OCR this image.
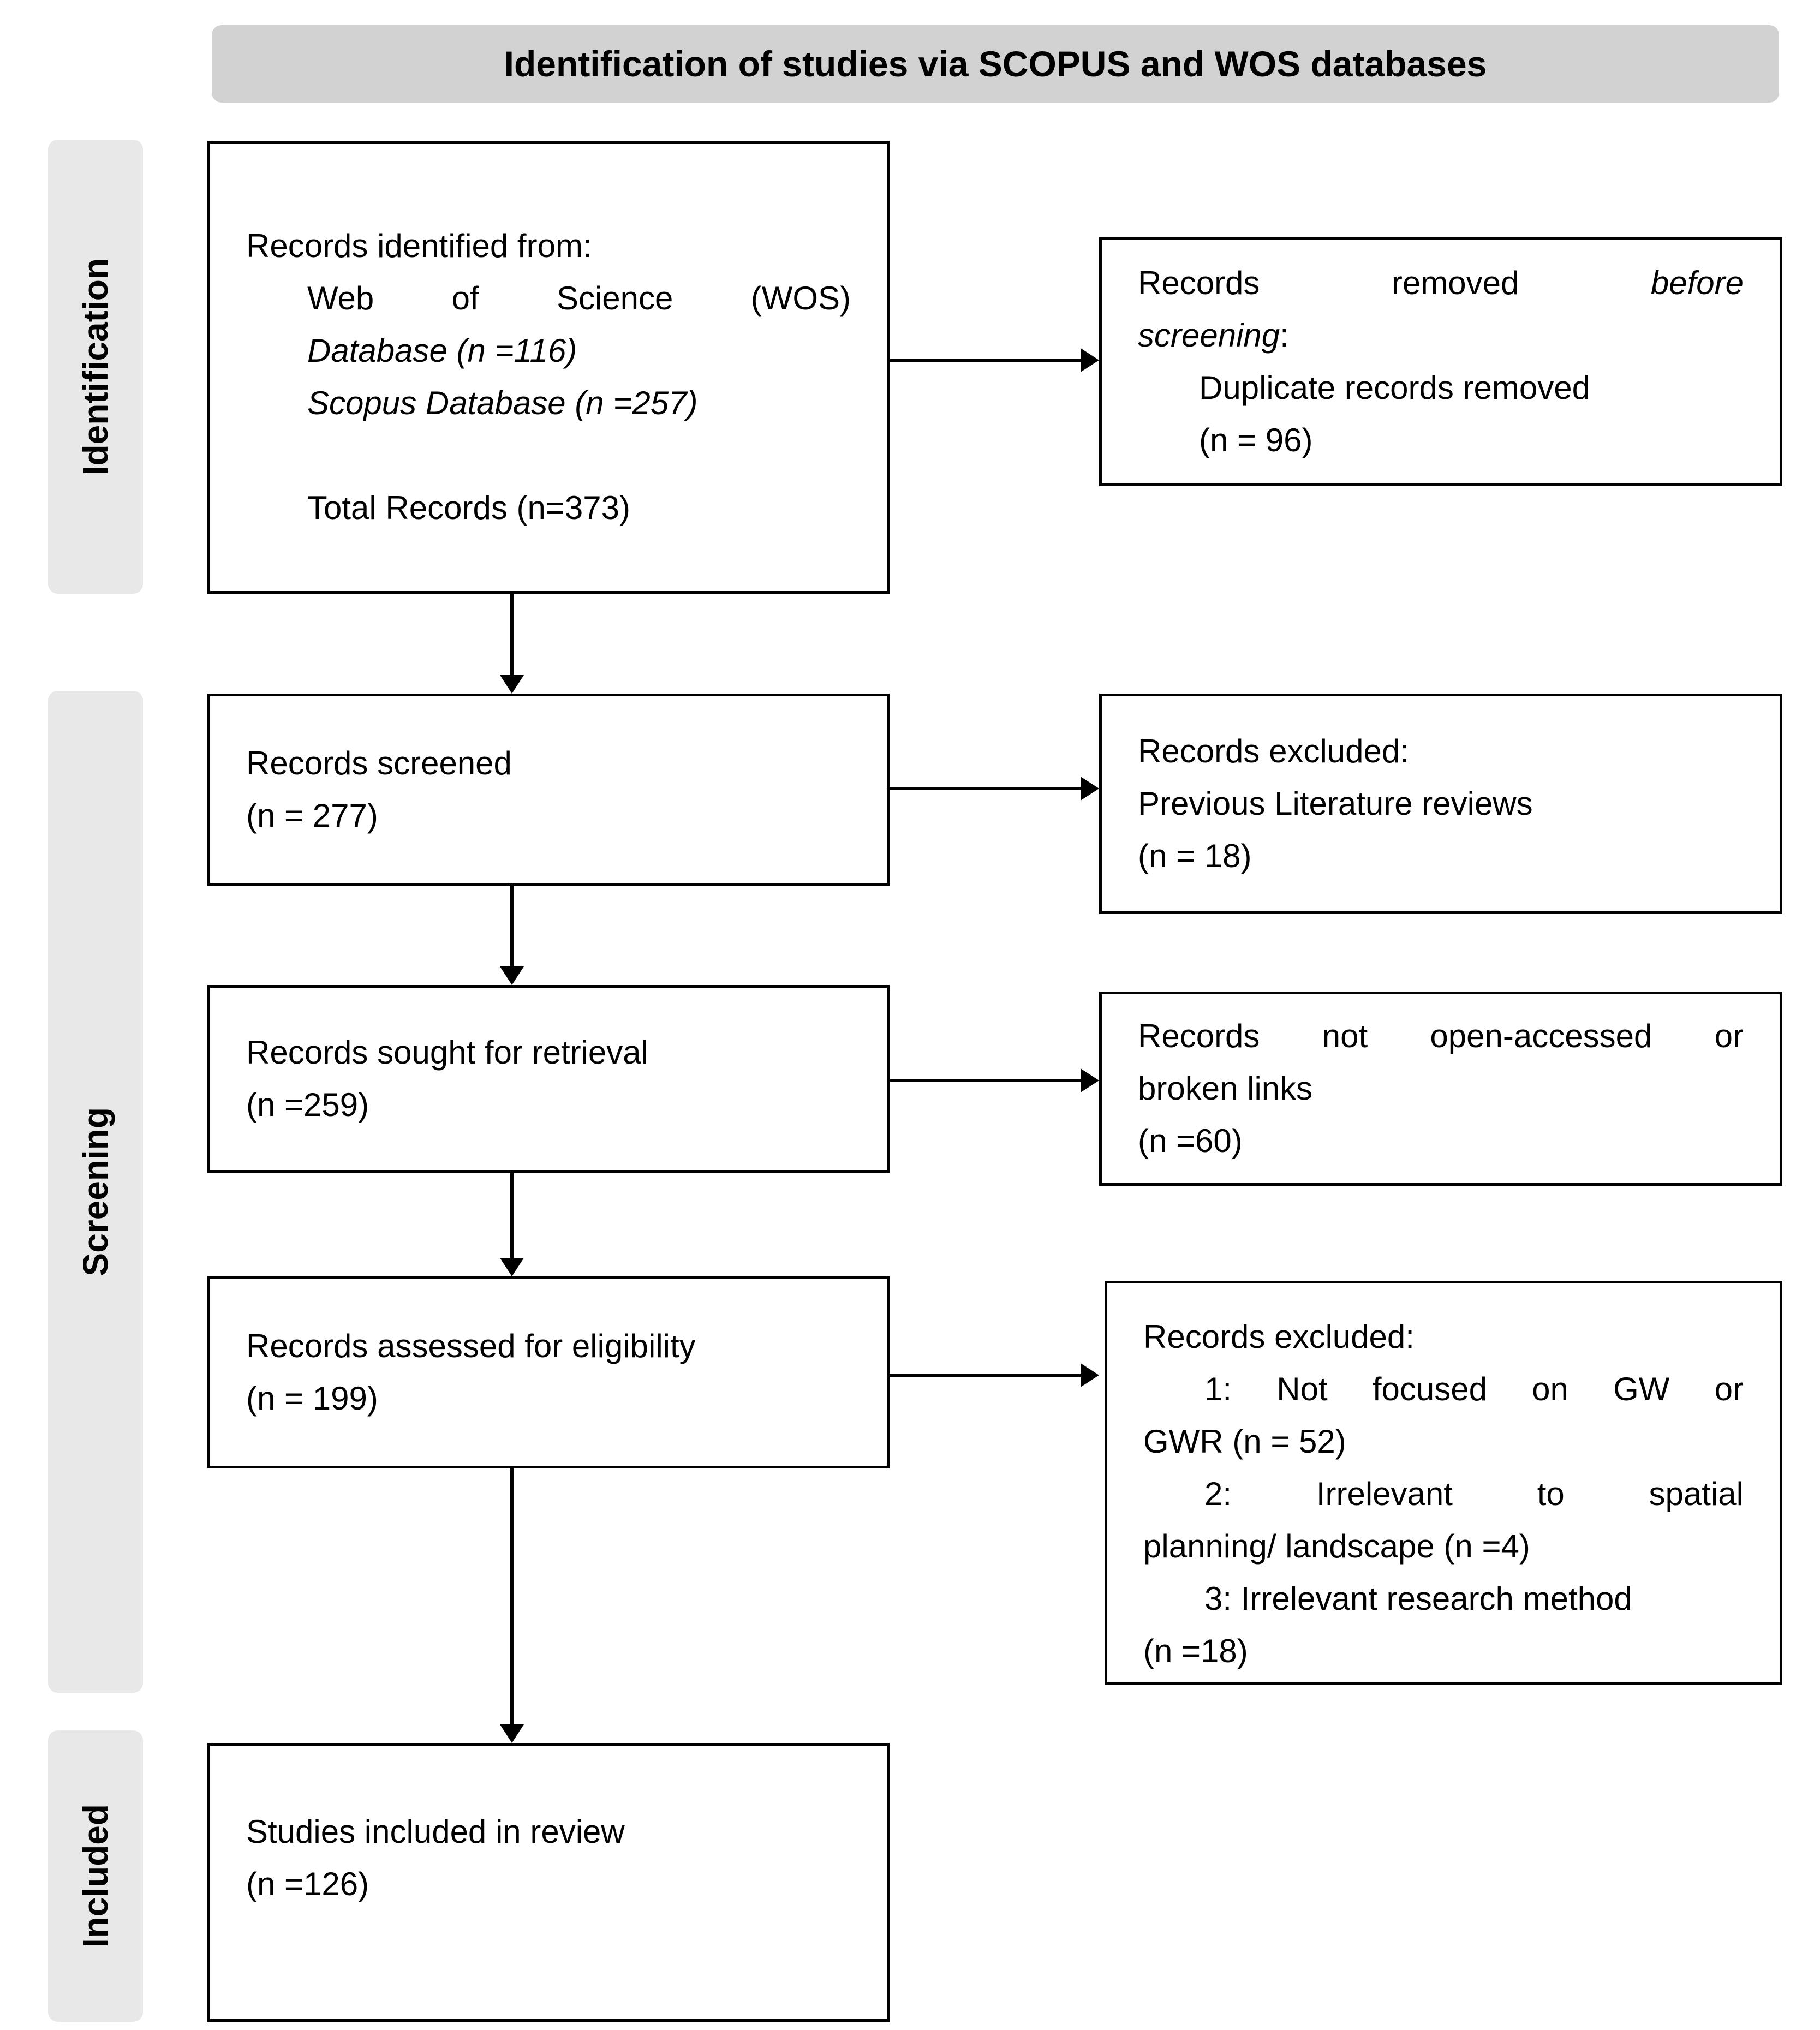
Identification of studies via SCOPUS and WOS databases
Identification
Screening
Included
Records identified from:
Web of Science (WOS)
Database (n =116)
Scopus Database (n =257)
Total Records (n=373)
Records removed	before
screening:
Duplicate records removed
(n = 96)
Records screened
(n = 277)
Records excluded:
Previous Literature reviews
(n = 18)
Records sought for retrieval
(n =259)
Records not open-accessed or
broken links
(n =60)
Records assessed for eligibility
(n = 199)
Records excluded:
1: Not focused on GW or
GWR (n = 52)
2: Irrelevant to spatial
planning/ landscape (n =4)
3: Irrelevant research method
(n =18)
Studies included in review
(n =126)
